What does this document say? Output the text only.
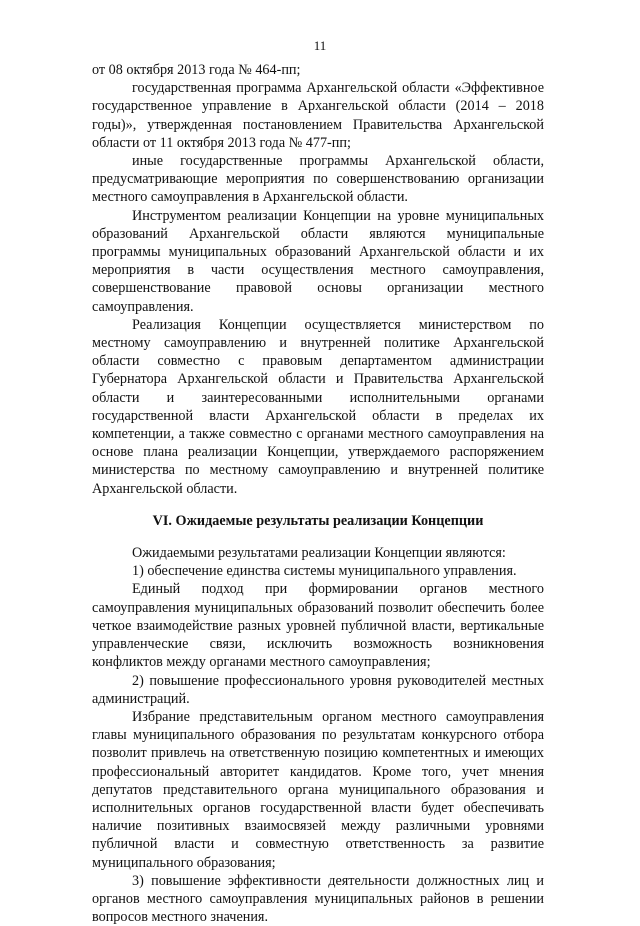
11

от 08 октября 2013 года № 464-пп;

государственная программа Архангельской области «Эффективное государственное управление в Архангельской области (2014 – 2018 годы)», утвержденная постановлением Правительства Архангельской области от 11 октября 2013 года № 477-пп;

иные государственные программы Архангельской области, предусматривающие мероприятия по совершенствованию организации местного самоуправления в Архангельской области.

Инструментом реализации Концепции на уровне муниципальных образований Архангельской области являются муниципальные программы муниципальных образований Архангельской области и их мероприятия в части осуществления местного самоуправления, совершенствование правовой основы организации местного самоуправления.

Реализация Концепции осуществляется министерством по местному самоуправлению и внутренней политике Архангельской области совместно с правовым департаментом администрации Губернатора Архангельской области и Правительства Архангельской области и заинтересованными исполнительными органами государственной власти Архангельской области в пределах их компетенции, а также совместно с органами местного самоуправления на основе плана реализации Концепции, утверждаемого распоряжением министерства по местному самоуправлению и внутренней политике Архангельской области.

VI. Ожидаемые результаты реализации Концепции

Ожидаемыми результатами реализации Концепции являются:

1) обеспечение единства системы муниципального управления.

Единый подход при формировании органов местного самоуправления муниципальных образований позволит обеспечить более четкое взаимодействие разных уровней публичной власти, вертикальные управленческие связи, исключить возможность возникновения конфликтов между органами местного самоуправления;

2) повышение профессионального уровня руководителей местных администраций.

Избрание представительным органом местного самоуправления главы муниципального образования по результатам конкурсного отбора позволит привлечь на ответственную позицию компетентных и имеющих профессиональный авторитет кандидатов. Кроме того, учет мнения депутатов представительного органа муниципального образования и исполнительных органов государственной власти будет обеспечивать наличие позитивных взаимосвязей между различными уровнями публичной власти и совместную ответственность за развитие муниципального образования;

3) повышение эффективности деятельности должностных лиц и органов местного самоуправления муниципальных районов в решении вопросов местного значения.
